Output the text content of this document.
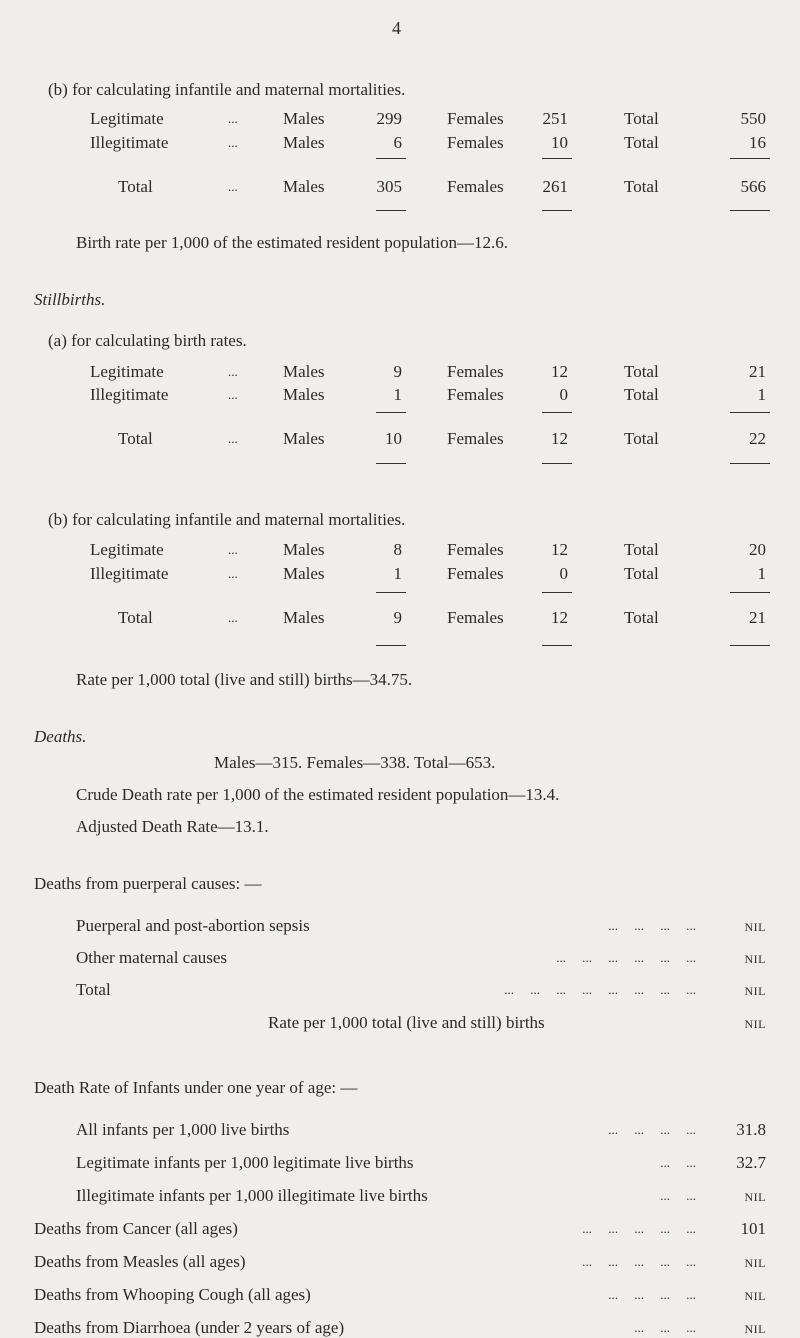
4
(b) for calculating infantile and maternal mortalities.
Legitimate	...	Males	299	Females	251	Total	550
Illegitimate	...	Males	6	Females	10	Total	16
Total	...	Males	305	Females	261	Total	566
Birth rate per 1,000 of the estimated resident population—12.6.
Stillbirths.
(a) for calculating birth rates.
Legitimate	...	Males	9	Females	12	Total	21
Illegitimate	...	Males	1	Females	0	Total	1
Total	...	Males	10	Females	12	Total	22
(b) for calculating infantile and maternal mortalities.
Legitimate	...	Males	8	Females	12	Total	20
Illegitimate	...	Males	1	Females	0	Total	1
Total	...	Males	9	Females	12	Total	21
Rate per 1,000 total (live and still) births—34.75.
Deaths.
Males—315. Females—338. Total—653.
Crude Death rate per 1,000 of the estimated resident population—13.4.
Adjusted Death Rate—13.1.
Deaths from puerperal causes: —
Puerperal and post-abortion sepsis	...     ...     ...     ...	nil
Other maternal causes	...     ...     ...     ...     ...     ...	nil
Total	...     ...     ...     ...     ...     ...     ...     ...	nil
Rate per 1,000 total (live and still) births	nil
Death Rate of Infants under one year of age: —
All infants per 1,000 live births	...     ...     ...     ...	31.8
Legitimate infants per 1,000 legitimate live births	...     ...	32.7
Illegitimate infants per 1,000 illegitimate live births	...     ...	nil
Deaths from Cancer (all ages)	...     ...     ...     ...     ...	101
Deaths from Measles (all ages)	...     ...     ...     ...     ...	nil
Deaths from Whooping Cough (all ages)	...     ...     ...     ...	nil
Deaths from Diarrhoea (under 2 years of age)	...     ...     ...	nil
